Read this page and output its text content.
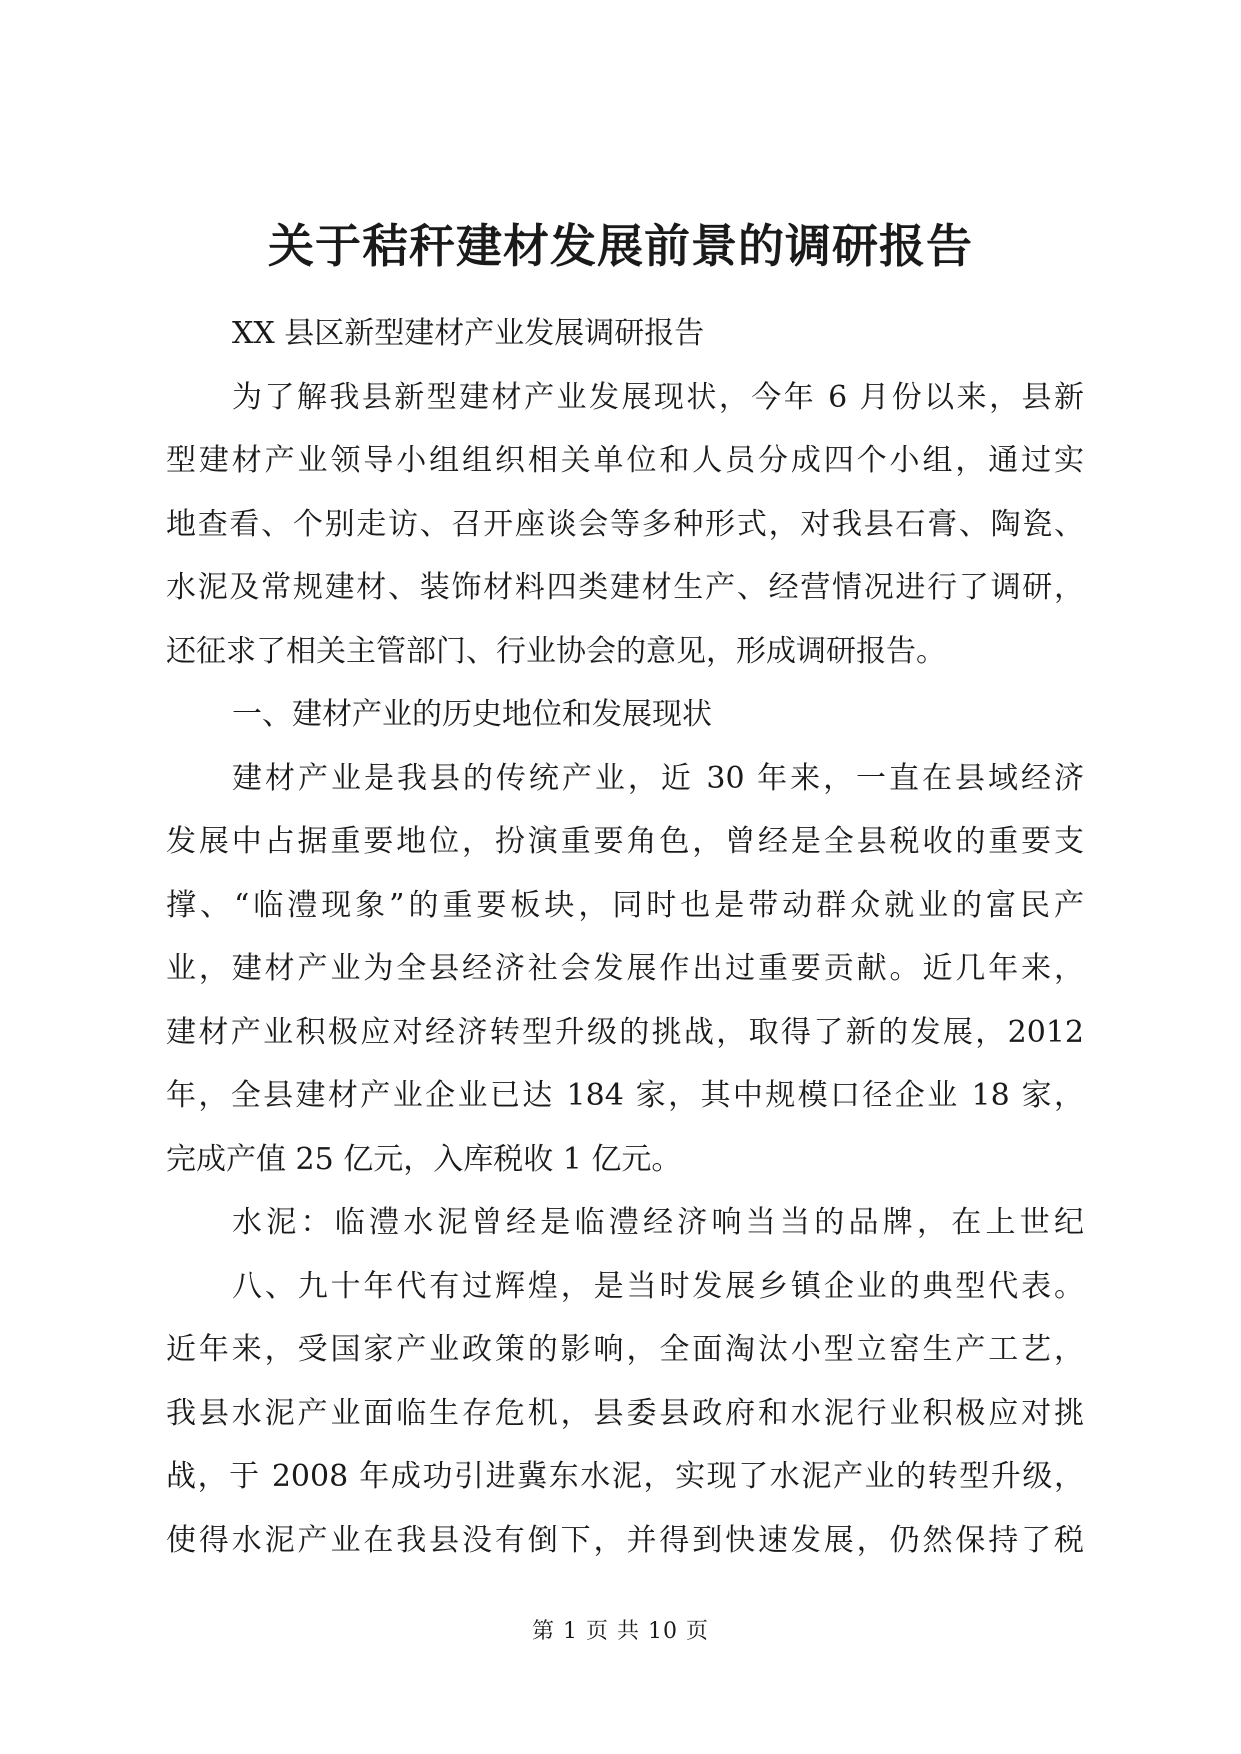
关于秸秆建材发展前景的调研报告
XX 县区新型建材产业发展调研报告
为了解我县新型建材产业发展现状，今年 6 月份以来，县新
型建材产业领导小组组织相关单位和人员分成四个小组，通过实
地查看、个别走访、召开座谈会等多种形式，对我县石膏、陶瓷、
水泥及常规建材、装饰材料四类建材生产、经营情况进行了调研，
还征求了相关主管部门、行业协会的意见，形成调研报告。
一、建材产业的历史地位和发展现状
建材产业是我县的传统产业，近 30 年来，一直在县域经济
发展中占据重要地位，扮演重要角色，曾经是全县税收的重要支
撑、“临澧现象”的重要板块，同时也是带动群众就业的富民产
业，建材产业为全县经济社会发展作出过重要贡献。近几年来，
建材产业积极应对经济转型升级的挑战，取得了新的发展，2012
年，全县建材产业企业已达 184 家，其中规模口径企业 18 家，
完成产值 25 亿元，入库税收 1 亿元。
水泥：临澧水泥曾经是临澧经济响当当的品牌，在上世纪
八、九十年代有过辉煌，是当时发展乡镇企业的典型代表。
近年来，受国家产业政策的影响，全面淘汰小型立窑生产工艺，
我县水泥产业面临生存危机，县委县政府和水泥行业积极应对挑
战，于 2008 年成功引进冀东水泥，实现了水泥产业的转型升级，
使得水泥产业在我县没有倒下，并得到快速发展，仍然保持了税
第 1 页 共 10 页
